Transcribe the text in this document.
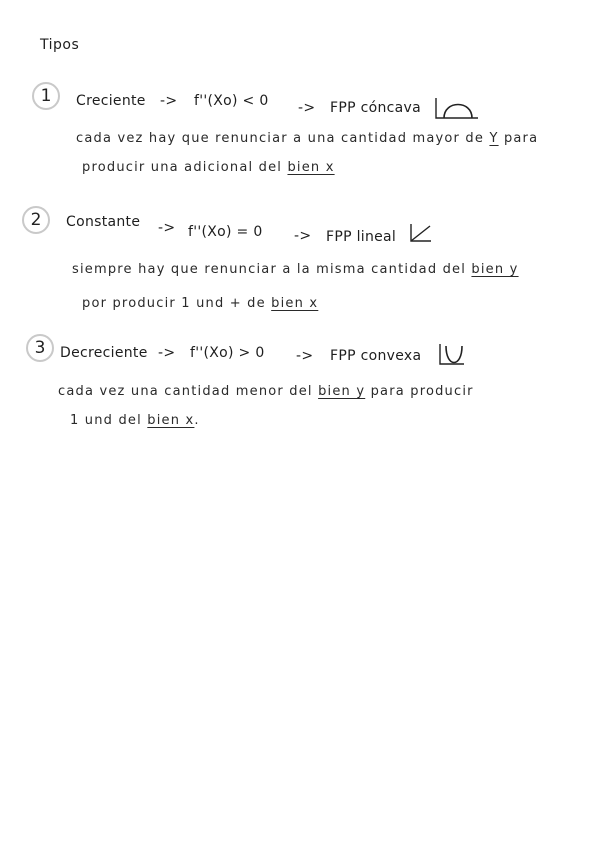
Tipos
1 Creciente -> f''(Xo) < 0 -> FPP cóncava
cada vez hay que renunciar a una cantidad mayor de Y para
producir una adicional del bien x
2 Constante -> f''(Xo) = 0 -> FPP lineal
siempre hay que renunciar a la misma cantidad del bien y
por producir 1 und + de bien x
3 Decreciente -> f''(Xo) > 0 -> FPP convexa
cada vez una cantidad menor del bien y para producir
1 und del bien x.
